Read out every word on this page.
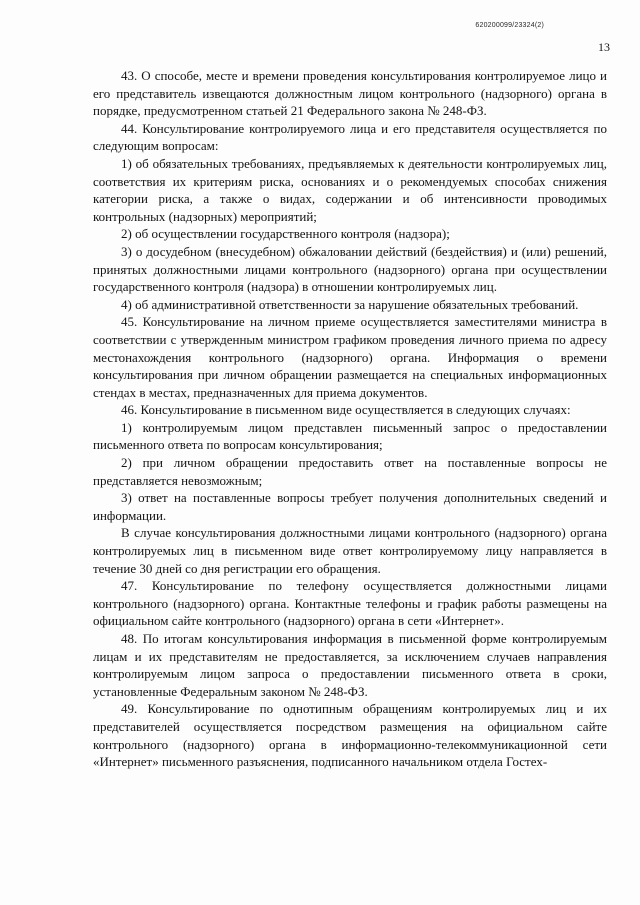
620200099/23324(2)
13

43. О способе, месте и времени проведения консультирования контролируемое лицо и его представитель извещаются должностным лицом контрольного (надзорного) органа в порядке, предусмотренном статьей 21 Федерального закона № 248-ФЗ.

44. Консультирование контролируемого лица и его представителя осуществляется по следующим вопросам:

1) об обязательных требованиях, предъявляемых к деятельности контролируемых лиц, соответствия их критериям риска, основаниях и о рекомендуемых способах снижения категории риска, а также о видах, содержании и об интенсивности проводимых контрольных (надзорных) мероприятий;

2) об осуществлении государственного контроля (надзора);

3) о досудебном (внесудебном) обжаловании действий (бездействия) и (или) решений, принятых должностными лицами контрольного (надзорного) органа при осуществлении государственного контроля (надзора) в отношении контролируемых лиц.

4) об административной ответственности за нарушение обязательных требований.

45. Консультирование на личном приеме осуществляется заместителями министра в соответствии с утвержденным министром графиком проведения личного приема по адресу местонахождения контрольного (надзорного) органа. Информация о времени консультирования при личном обращении размещается на специальных информационных стендах в местах, предназначенных для приема документов.

46. Консультирование в письменном виде осуществляется в следующих случаях:

1) контролируемым лицом представлен письменный запрос о предоставлении письменного ответа по вопросам консультирования;

2) при личном обращении предоставить ответ на поставленные вопросы не представляется невозможным;

3) ответ на поставленные вопросы требует получения дополнительных сведений и информации.

В случае консультирования должностными лицами контрольного (надзорного) органа контролируемых лиц в письменном виде ответ контролируемому лицу направляется в течение 30 дней со дня регистрации его обращения.

47. Консультирование по телефону осуществляется должностными лицами контрольного (надзорного) органа. Контактные телефоны и график работы размещены на официальном сайте контрольного (надзорного) органа в сети «Интернет».

48. По итогам консультирования информация в письменной форме контролируемым лицам и их представителям не предоставляется, за исключением случаев направления контролируемым лицом запроса о предоставлении письменного ответа в сроки, установленные Федеральным законом № 248-ФЗ.

49. Консультирование по однотипным обращениям контролируемых лиц и их представителей осуществляется посредством размещения на официальном сайте контрольного (надзорного) органа в информационно-телекоммуникационной сети «Интернет» письменного разъяснения, подписанного начальником отдела Гостех-
